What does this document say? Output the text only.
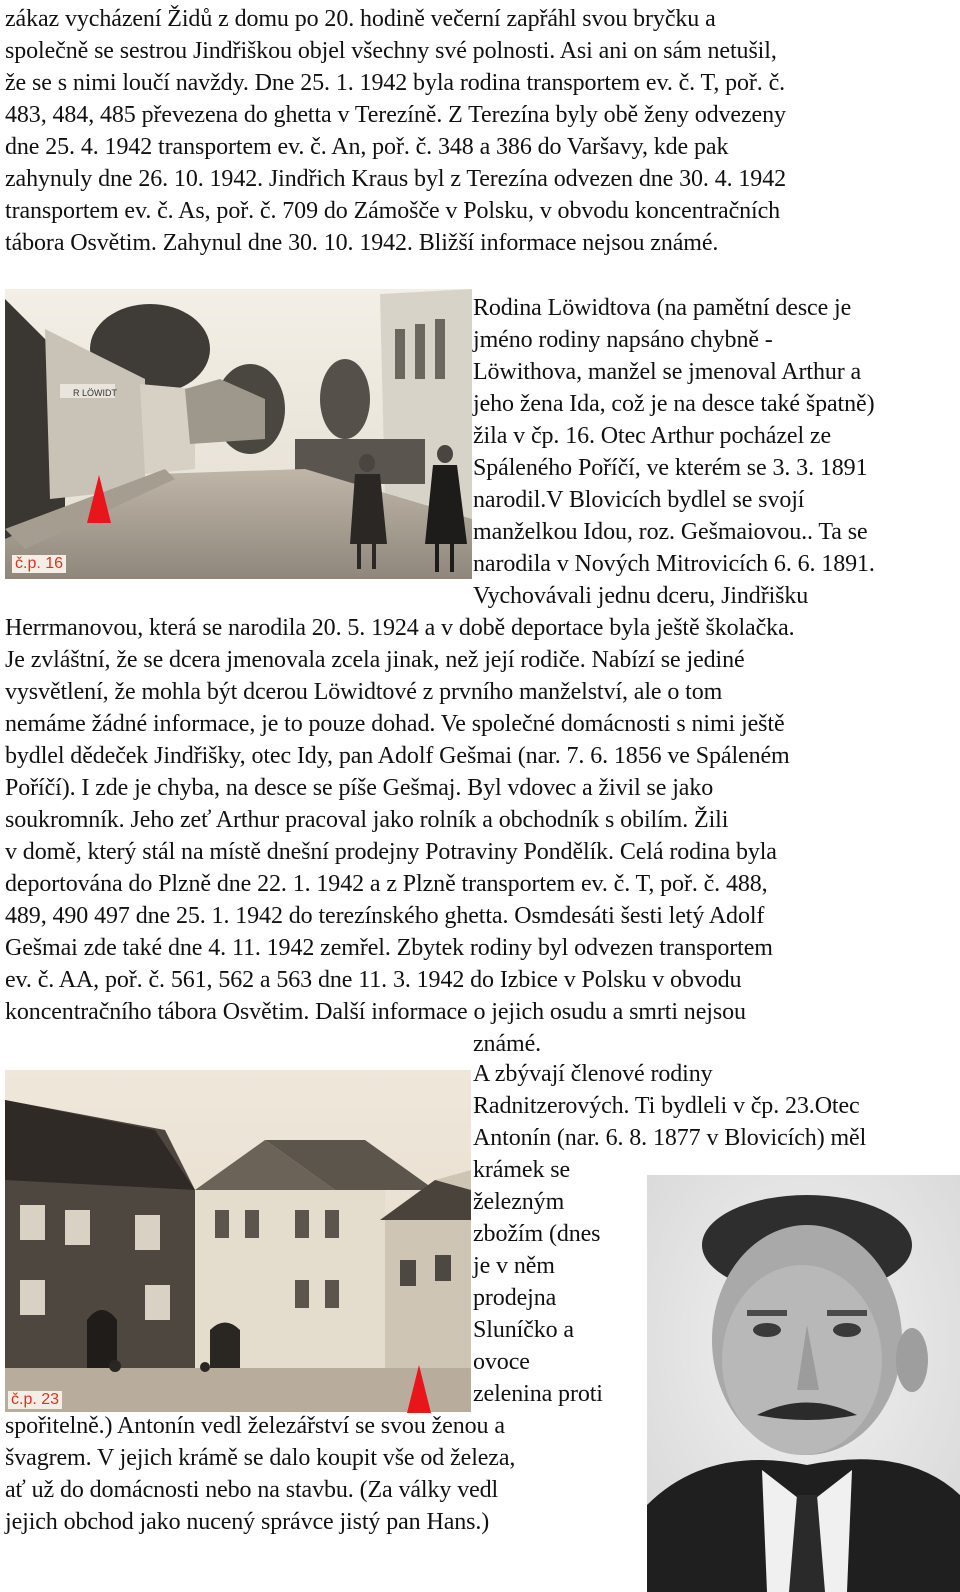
zákaz vycházení Židů z domu po 20. hodině večerní zapřáhl svou bryčku a
společně se sestrou Jindřiškou objel všechny své polnosti. Asi ani on sám netušil,
že se s nimi loučí navždy. Dne 25. 1. 1942 byla rodina transportem ev. č. T, poř. č.
483, 484, 485 převezena do ghetta v Terezíně. Z Terezína byly obě ženy odvezeny
dne 25. 4. 1942 transportem ev. č. An, poř. č. 348 a 386 do Varšavy, kde pak
zahynuly dne 26. 10. 1942. Jindřich Kraus byl z Terezína odvezen dne 30. 4. 1942
transportem ev. č. As, poř. č. 709 do Zámošče v Polsku, v obvodu koncentračních
tábora Osvětim. Zahynul dne 30. 10. 1942. Bližší informace nejsou známé.
R LÖWIDT
č.p. 16
Rodina Löwidtova (na pamětní desce je
jméno rodiny napsáno chybně -
Löwithova, manžel se jmenoval Arthur a
jeho žena Ida, což je na desce také špatně)
žila v čp. 16. Otec Arthur pocházel ze
Spáleného Poříčí, ve kterém se 3. 3. 1891
narodil.V Blovicích bydlel se svojí
manželkou Idou, roz. Gešmaiovou.. Ta se
narodila v Nových Mitrovicích 6. 6. 1891.
Vychovávali jednu dceru, Jindřišku
Herrmanovou, která se narodila 20. 5. 1924 a v době deportace byla ještě školačka.
Je zvláštní, že se dcera jmenovala zcela jinak, než její rodiče. Nabízí se jediné
vysvětlení, že mohla být dcerou Löwidtové z prvního manželství, ale o tom
nemáme žádné informace, je to pouze dohad. Ve společné domácnosti s nimi ještě
bydlel dědeček Jindřišky, otec Idy, pan Adolf Gešmai (nar. 7. 6. 1856 ve Spáleném
Poříčí). I zde je chyba, na desce se píše Gešmaj. Byl vdovec a živil se jako
soukromník. Jeho zeť Arthur pracoval jako rolník a obchodník s obilím. Žili
v domě, který stál na místě dnešní prodejny Potraviny Pondělík. Celá rodina byla
deportována do Plzně dne 22. 1. 1942 a z Plzně transportem ev. č. T, poř. č. 488,
489, 490 497 dne 25. 1. 1942 do terezínského ghetta. Osmdesáti šesti letý Adolf
Gešmai zde také dne 4. 11. 1942 zemřel. Zbytek rodiny byl odvezen transportem
ev. č. AA, poř. č. 561, 562 a 563 dne 11. 3. 1942 do Izbice v Polsku v obvodu
koncentračního tábora Osvětim. Další informace o jejich osudu a smrti nejsou
známé.
č.p. 23
A zbývají členové rodiny
Radnitzerových. Ti bydleli v čp. 23.Otec
Antonín (nar. 6. 8. 1877 v Blovicích) měl
krámek se
železným
zbožím (dnes
je v něm
prodejna
Sluníčko a
ovoce
zelenina proti
spořitelně.) Antonín vedl železářství se svou ženou a
švagrem. V jejich krámě se dalo koupit vše od železa,
ať už do domácnosti nebo na stavbu. (Za války vedl
jejich obchod jako nucený správce jistý pan Hans.)
